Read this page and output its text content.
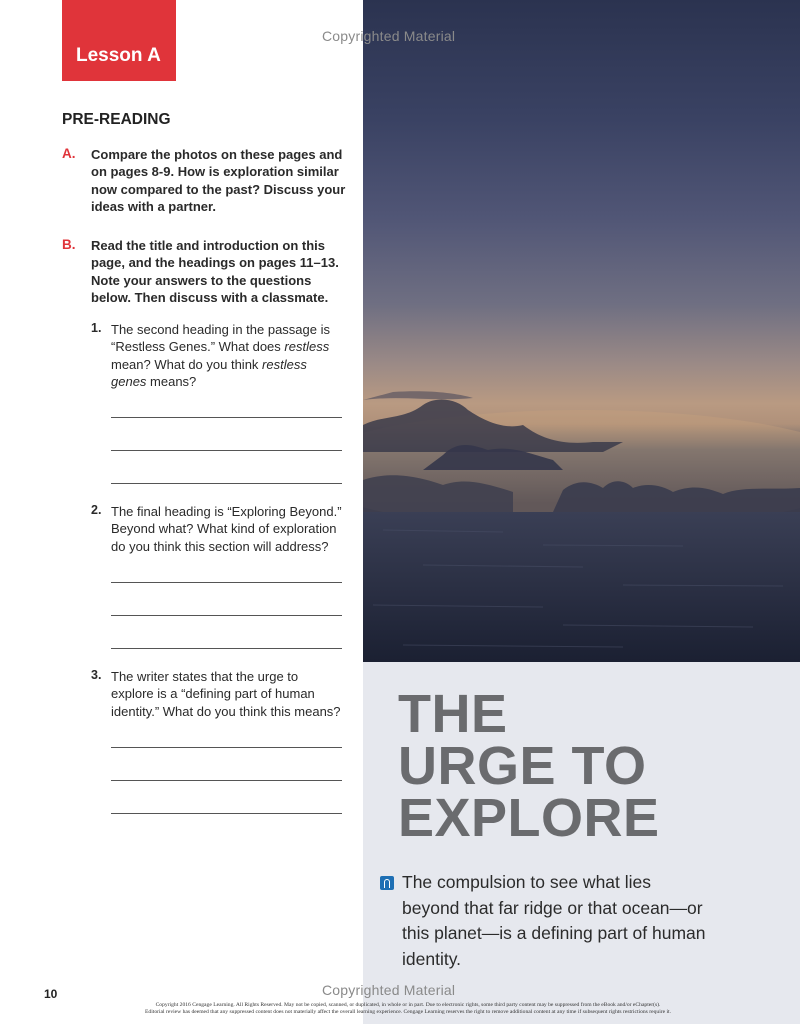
THE
URGE TO
EXPLORE

The compulsion to see what lies beyond that far ridge or that ocean—or this planet—is a defining part of human identity.

Lesson A
Copyrighted Material
PRE-READING
A. Compare the photos on these pages and on pages 8-9. How is exploration similar now compared to the past? Discuss your ideas with a partner.

B. Read the title and introduction on this page, and the headings on pages 11–13. Note your answers to the questions below. Then discuss with a classmate.

1. The second heading in the passage is “Restless Genes.” What does restless mean? What do you think restless genes means?

2. The final heading is “Exploring Beyond.” Beyond what? What kind of exploration do you think this section will address?

3. The writer states that the urge to explore is a “defining part of human identity.” What do you think this means?

Copyrighted Material
10
Copyright 2016 Cengage Learning. All Rights Reserved. May not be copied, scanned, or duplicated, in whole or in part. Due to electronic rights, some third party content may be suppressed from the eBook and/or eChapter(s).
Editorial review has deemed that any suppressed content does not materially affect the overall learning experience. Cengage Learning reserves the right to remove additional content at any time if subsequent rights restrictions require it.
